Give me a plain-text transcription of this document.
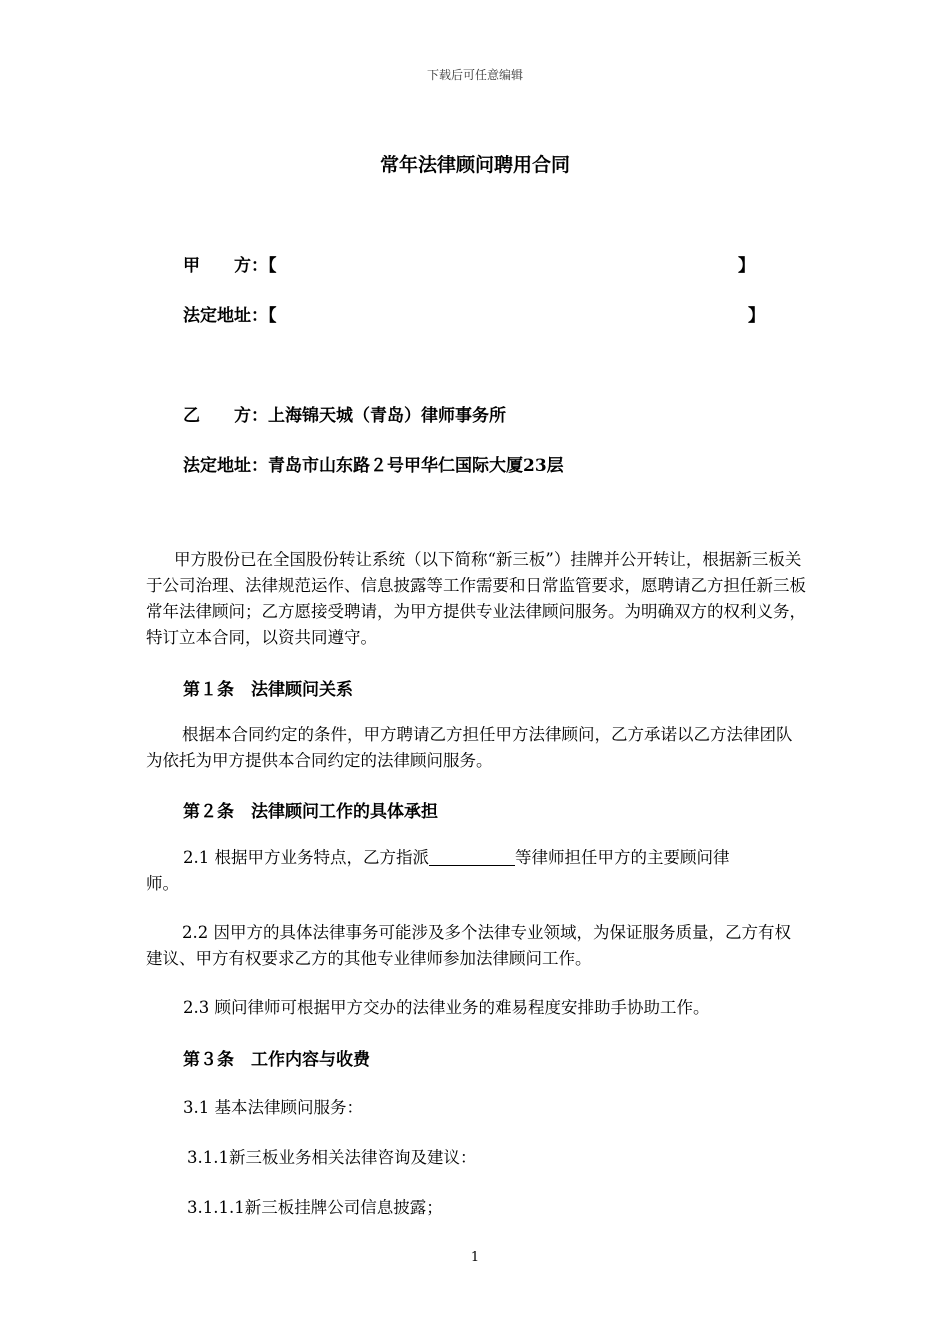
下载后可任意编辑
常年法律顾问聘用合同
甲　　方：【	】
法定地址：【	】
乙　　方：上海锦天城（青岛）律师事务所
法定地址：青岛市山东路２号甲华仁国际大厦23层
甲方股份已在全国股份转让系统（以下简称“新三板”）挂牌并公开转让，根据新三板关于公司治理、法律规范运作、信息披露等工作需要和日常监管要求，愿聘请乙方担任新三板常年法律顾问；乙方愿接受聘请，为甲方提供专业法律顾问服务。为明确双方的权利义务，特订立本合同，以资共同遵守。
第１条　法律顾问关系
根据本合同约定的条件，甲方聘请乙方担任甲方法律顾问，乙方承诺以乙方法律团队为依托为甲方提供本合同约定的法律顾问服务。
第２条　法律顾问工作的具体承担
2.1 根据甲方业务特点，乙方指派	等律师担任甲方的主要顾问律
师。
2.2 因甲方的具体法律事务可能涉及多个法律专业领域，为保证服务质量，乙方有权建议、甲方有权要求乙方的其他专业律师参加法律顾问工作。
2.3 顾问律师可根据甲方交办的法律业务的难易程度安排助手协助工作。
第３条　工作内容与收费
3.1 基本法律顾问服务：
3.1.1新三板业务相关法律咨询及建议：
3.1.1.1新三板挂牌公司信息披露；
1
